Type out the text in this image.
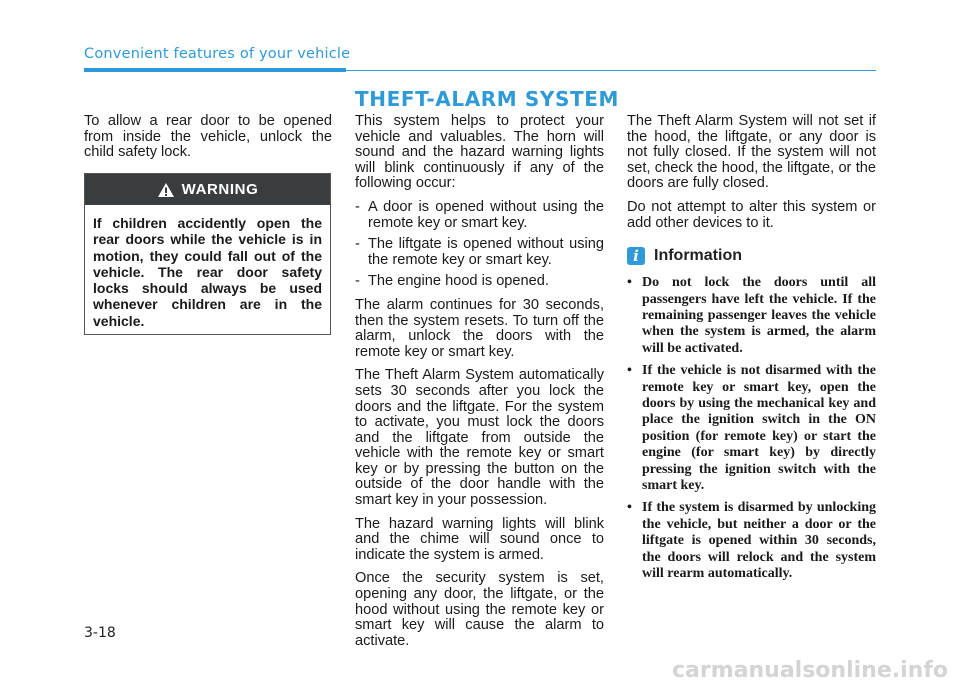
Convenient features of your vehicle

To allow a rear door to be opened from inside the vehicle, unlock the child safety lock.

WARNING
If children accidently open the rear doors while the vehicle is in motion, they could fall out of the vehicle. The rear door safety locks should always be used whenever children are in the vehicle.
THEFT-ALARM SYSTEM

This system helps to protect your vehicle and valuables. The horn will sound and the hazard warning lights will blink continuously if any of the following occur:

- A door is opened without using the remote key or smart key.
- The liftgate is opened without using the remote key or smart key.
- The engine hood is opened.

The alarm continues for 30 seconds, then the system resets. To turn off the alarm, unlock the doors with the remote key or smart key.

The Theft Alarm System automatically sets 30 seconds after you lock the doors and the liftgate. For the system to activate, you must lock the doors and the liftgate from outside the vehicle with the remote key or smart key or by pressing the button on the outside of the door handle with the smart key in your possession.

The hazard warning lights will blink and the chime will sound once to indicate the system is armed.

Once the security system is set, opening any door, the liftgate, or the hood without using the remote key or smart key will cause the alarm to activate.

The Theft Alarm System will not set if the hood, the liftgate, or any door is not fully closed. If the system will not set, check the hood, the liftgate, or the doors are fully closed.

Do not attempt to alter this system or add other devices to it.

i Information
• Do not lock the doors until all passengers have left the vehicle. If the remaining passenger leaves the vehicle when the system is armed, the alarm will be activated.
• If the vehicle is not disarmed with the remote key or smart key, open the doors by using the mechanical key and place the ignition switch in the ON position (for remote key) or start the engine (for smart key) by directly pressing the ignition switch with the smart key.
• If the system is disarmed by unlocking the vehicle, but neither a door or the liftgate is opened within 30 seconds, the doors will relock and the system will rearm automatically.
3-18
carmanualsonline.info
